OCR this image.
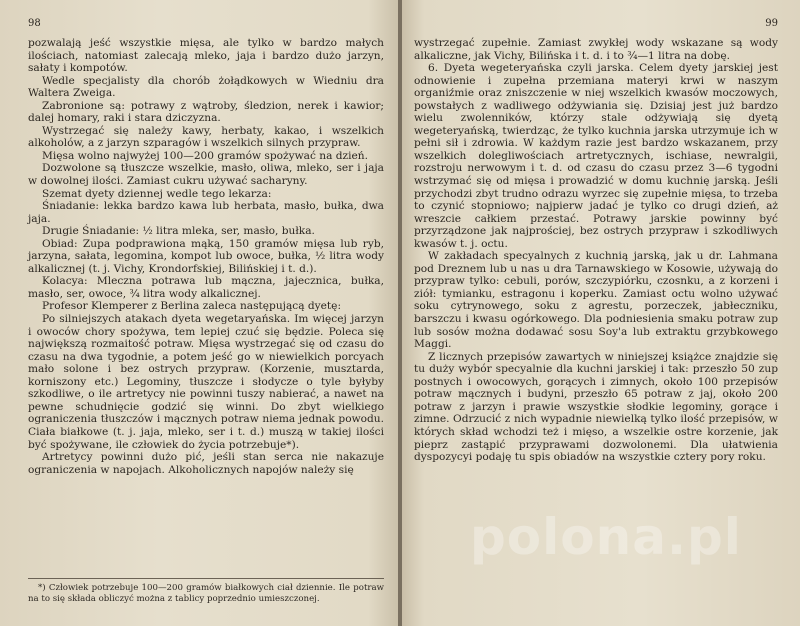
98

pozwalają jeść wszystkie mięsa, ale tylko w bardzo małych ilościach, natomiast zalecają mleko, jaja i bardzo dużo jarzyn, sałaty i kompotów.

Wedle specjalisty dla chorób żołądkowych w Wiedniu dra Waltera Zweiga.

Zabronione są: potrawy z wątroby, śledzion, nerek i kawior; dalej homary, raki i stara dziczyzna.

Wystrzegać się należy kawy, herbaty, kakao, i wszelkich alkoholów, a z jarzyn szparagów i wszelkich silnych przypraw.

Mięsa wolno najwyżej 100—200 gramów spożywać na dzień.

Dozwolone są tłuszcze wszelkie, masło, oliwa, mleko, ser i jaja w dowolnej ilości. Zamiast cukru używać sacharyny.

Szemat dyety dziennej wedle tego lekarza:

Śniadanie: lekka bardzo kawa lub herbata, masło, bułka, dwa jaja.

Drugie Śniadanie: ½ litra mleka, ser, masło, bułka.

Obiad: Zupa podprawiona mąką, 150 gramów mięsa lub ryb, jarzyna, sałata, legomina, kompot lub owoce, bułka, ½ litra wody alkalicznej (t. j. Vichy, Krondorfskiej, Bilińskiej i t. d.).

Kolacya: Mleczna potrawa lub mączna, jajecznica, bułka, masło, ser, owoce, ¾ litra wody alkalicznej.

Profesor Klemperer z Berlina zaleca następującą dyetę:

Po silniejszych atakach dyeta wegetaryańska. Im więcej jarzyn i owoców chory spożywa, tem lepiej czuć się będzie. Poleca się największą rozmaitość potraw. Mięsa wystrzegać się od czasu do czasu na dwa tygodnie, a potem jeść go w niewielkich porcyach mało solone i bez ostrych przypraw. (Korzenie, musztarda, korniszony etc.) Legominy, tłuszcze i słodycze o tyle byłyby szkodliwe, o ile artretycy nie powinni tuszy nabierać, a nawet na pewne schudnięcie godzić się winni. Do zbyt wielkiego ograniczenia tłuszczów i mącznych potraw niema jednak powodu. Ciała białkowe (t. j. jaja, mleko, ser i t. d.) muszą w takiej ilości być spożywane, ile człowiek do życia potrzebuje*).

Artretycy powinni dużo pić, jeśli stan serca nie nakazuje ograniczenia w napojach. Alkoholicznych napojów należy się

*) Człowiek potrzebuje 100—200 gramów białkowych ciał dziennie. Ile potraw na to się składa obliczyć można z tablicy poprzednio umieszczonej.

99

wystrzegać zupełnie. Zamiast zwykłej wody wskazane są wody alkaliczne, jak Vichy, Bilińska i t. d. i to ¾—1 litra na dobę.

6. Dyeta wegeteryańska czyli jarska. Celem dyety jarskiej jest odnowienie i zupełna przemiana materyi krwi w naszym organiźmie oraz zniszczenie w niej wszelkich kwasów moczowych, powstałych z wadliwego odżywiania się. Dzisiaj jest już bardzo wielu zwolenników, którzy stale odżywiają się dyetą wegeteryańską, twierdząc, że tylko kuchnia jarska utrzymuje ich w pełni sił i zdrowia. W każdym razie jest bardzo wskazanem, przy wszelkich dolegliwościach artretycznych, ischiase, newralgii, rozstroju nerwowym i t. d. od czasu do czasu przez 3—6 tygodni wstrzymać się od mięsa i prowadzić w domu kuchnię jarską. Jeśli przychodzi zbyt trudno odrazu wyrzec się zupełnie mięsa, to trzeba to czynić stopniowo; najpierw jadać je tylko co drugi dzień, aż wreszcie całkiem przestać. Potrawy jarskie powinny być przyrządzone jak najprościej, bez ostrych przypraw i szkodliwych kwasów t. j. octu.

W zakładach specyalnych z kuchnią jarską, jak u dr. Lahmana pod Dreznem lub u nas u dra Tarnawskiego w Kosowie, używają do przypraw tylko: cebuli, porów, szczypiórku, czosnku, a z korzeni i ziół: tymianku, estragonu i koperku. Zamiast octu wolno używać soku cytrynowego, soku z agrestu, porzeczek, jabłeczniku, barszczu i kwasu ogórkowego. Dla podniesienia smaku potraw zup lub sosów można dodawać sosu Soy'a lub extraktu grzybkowego Maggi.

Z licznych przepisów zawartych w niniejszej książce znajdzie się tu duży wybór specyalnie dla kuchni jarskiej i tak: przeszło 50 zup postnych i owocowych, gorących i zimnych, około 100 przepisów potraw mącznych i budyni, przeszło 65 potraw z jaj, około 200 potraw z jarzyn i prawie wszystkie słodkie legominy, gorące i zimne. Odrzucić z nich wypadnie niewielką tylko ilość przepisów, w których skład wchodzi też i mięso, a wszelkie ostre korzenie, jak pieprz zastąpić przyprawami dozwolonemi. Dla ułatwienia dyspozycyi podaję tu spis obiadów na wszystkie cztery pory roku.

polona.pl
